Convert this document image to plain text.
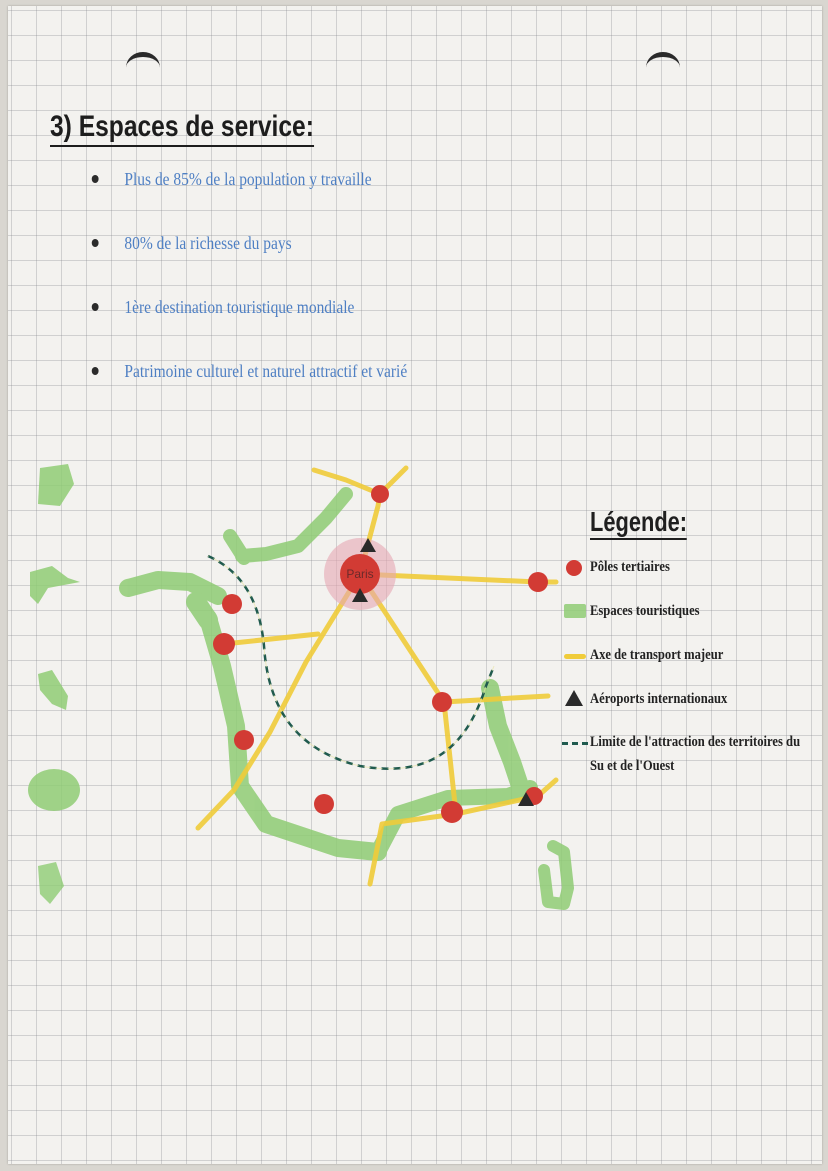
3) Espaces de service:
Plus de 85% de la population y travaille
80% de la richesse du pays
1ère destination touristique mondiale
Patrimoine culturel et naturel attractif et varié
Paris
Légende:
Pôles tertiaires
Espaces touristiques
Axe de transport majeur
Aéroports internationaux
Limite de l'attraction des territoires du Su et de l'Ouest
